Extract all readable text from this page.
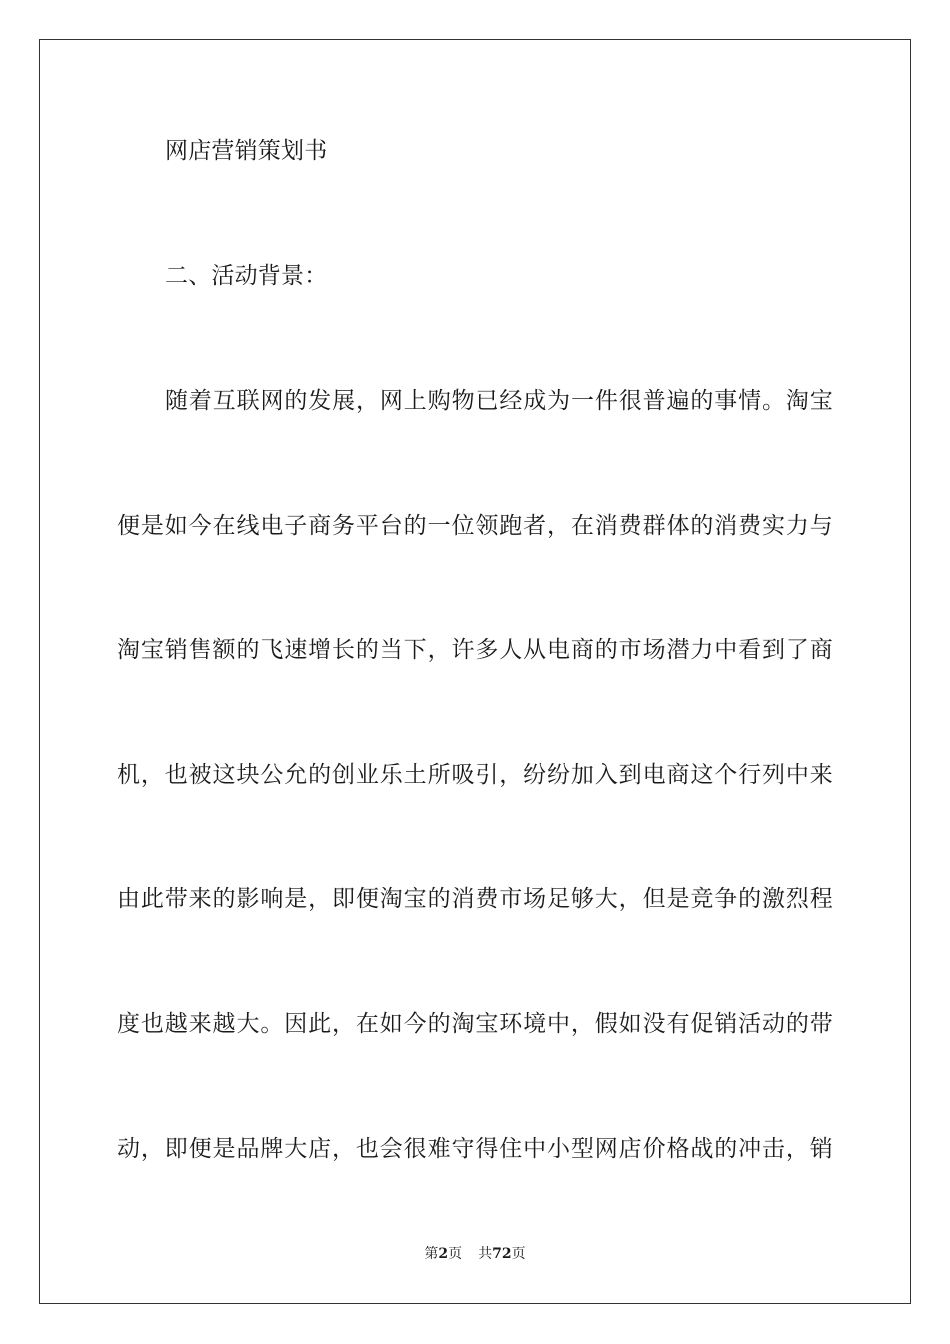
网店营销策划书
二、活动背景：
随着互联网的发展，网上购物已经成为一件很普遍的事情。淘宝
便是如今在线电子商务平台的一位领跑者，在消费群体的消费实力与
淘宝销售额的飞速增长的当下，许多人从电商的市场潜力中看到了商
机，也被这块公允的创业乐土所吸引，纷纷加入到电商这个行列中来
由此带来的影响是，即便淘宝的消费市场足够大，但是竞争的激烈程
度也越来越大。因此，在如今的淘宝环境中，假如没有促销活动的带
动，即便是品牌大店，也会很难守得住中小型网店价格战的冲击，销
第2页 共72页
